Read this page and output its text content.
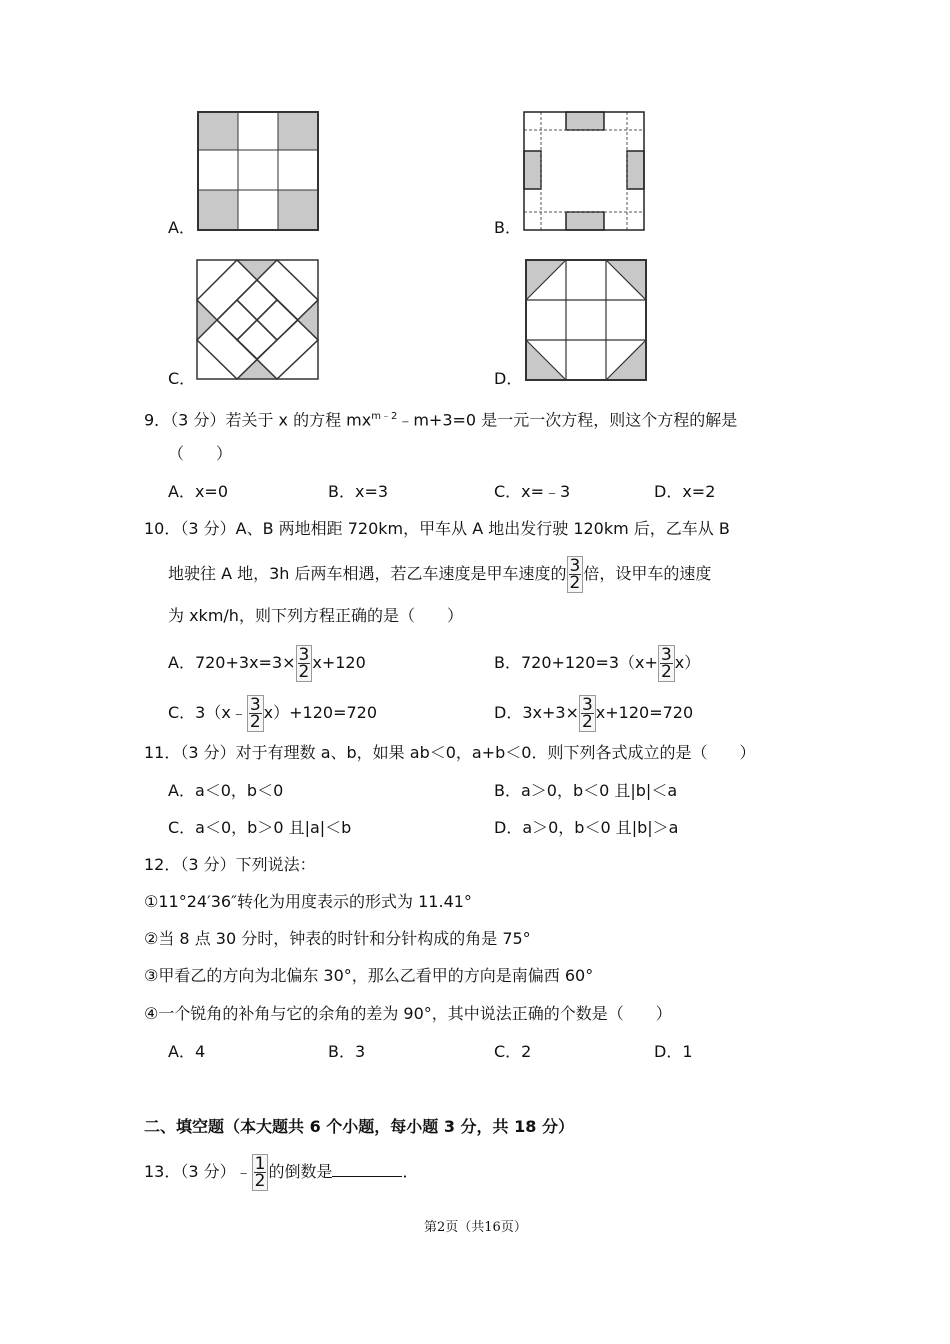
A．	B．
C．	D．
9．（3 分）若关于 x 的方程 $mx^{m﹣2}﹣m+3=0$ 是一元一次方程，则这个方程的解是
（　　）
A．x=0	B．x=3	C．x=﹣3	D．x=2
10．（3 分）A、B 两地相距 720km，甲车从 A 地出发行驶 120km 后，乙车从 B
地驶往 A 地，3h 后两车相遇，若乙车速度是甲车速度的 $\frac{3}{2}$ 倍，设甲车的速度
为 xkm/h，则下列方程正确的是（　　）
A．$720+3x=3\times \frac{3}{2} x+120$	B．$720+120=3(x+ \frac{3}{2} x)$
C．3（x﹣ $\frac{3}{2} x)+120=720$	D．$3x+3\times \frac{3}{2} x+120=720$
11．（3 分）对于有理数 a、b，如果 ab＜0，a+b＜0．则下列各式成立的是（　　）
A．a＜0，b＜0	B．a＞0，b＜0 且|b|＜a
C．a＜0，b＞0 且|a|＜b	D．a＞0，b＜0 且|b|＞a
12．（3 分）下列说法：
①11°24′36″转化为用度表示的形式为 11.41°
②当 8 点 30 分时，钟表的时针和分针构成的角是 75°
③甲看乙的方向为北偏东 30°，那么乙看甲的方向是南偏西 60°
④一个锐角的补角与它的余角的差为 90°，其中说法正确的个数是（　　）
A．4	B．3	C．2	D．1
二、填空题（本大题共 6 个小题，每小题 3 分，共 18 分）
13．（3 分）﹣ $\frac{1}{2}$ 的倒数是	．
第2页（共16页）
